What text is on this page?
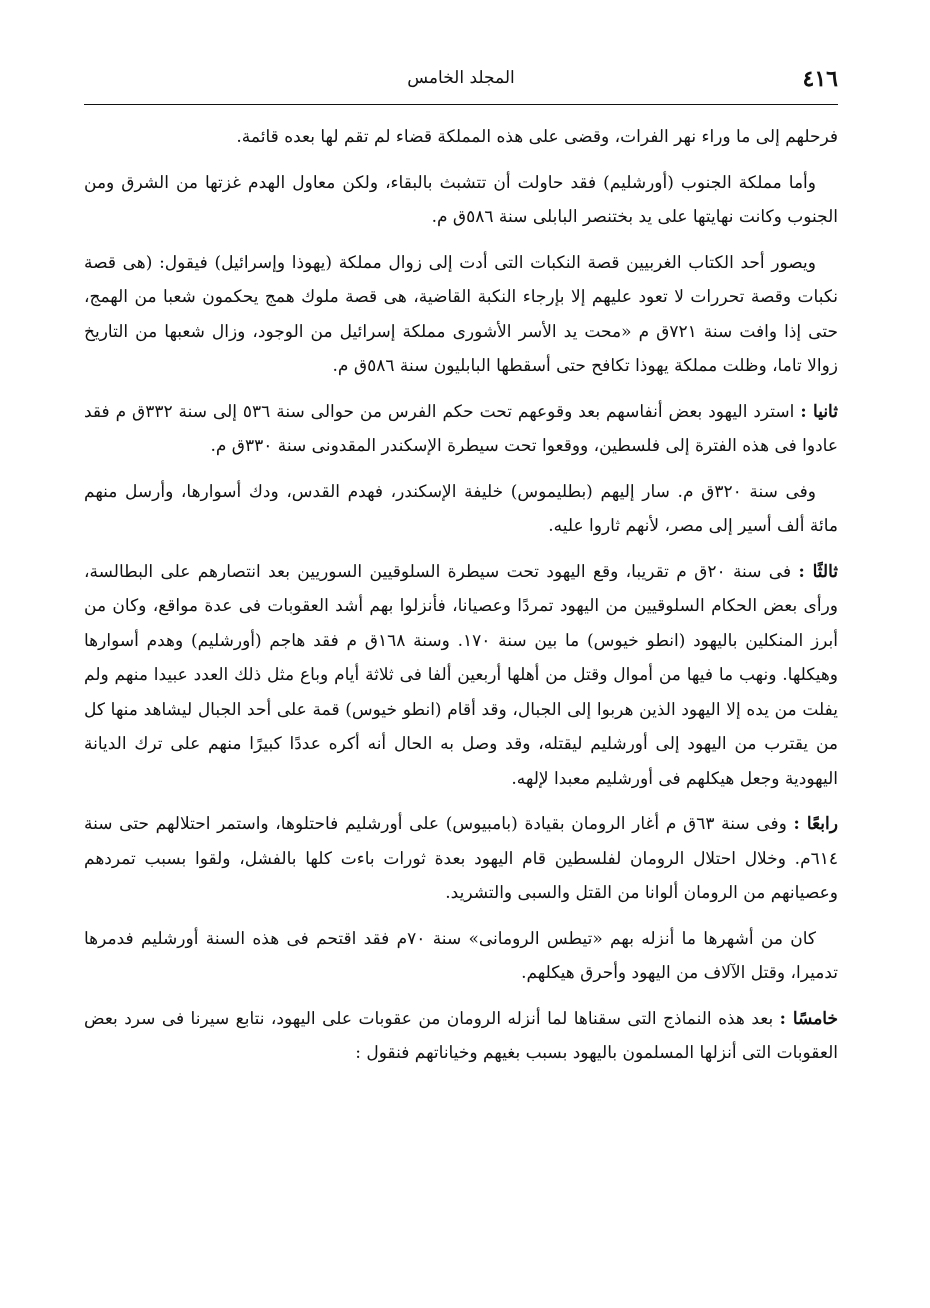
٤١٦
المجلد الخامس

فرحلهم إلى ما وراء نهر الفرات، وقضى على هذه المملكة قضاء لم تقم لها بعده قائمة.

وأما مملكة الجنوب (أورشليم) فقد حاولت أن تتشبث بالبقاء، ولكن معاول الهدم غزتها من الشرق ومن الجنوب وكانت نهايتها على يد بختنصر البابلى سنة ٥٨٦ق م.

ويصور أحد الكتاب الغربيين قصة النكبات التى أدت إلى زوال مملكة (يهوذا وإسرائيل) فيقول: (هى قصة نكبات وقصة تحررات لا تعود عليهم إلا بإرجاء النكبة القاضية، هى قصة ملوك همج يحكمون شعبا من الهمج، حتى إذا وافت سنة ٧٢١ق م «محت يد الأسر الأشورى مملكة إسرائيل من الوجود، وزال شعبها من التاريخ زوالا تاما، وظلت مملكة يهوذا تكافح حتى أسقطها البابليون سنة ٥٨٦ق م.

ثانيا : استرد اليهود بعض أنفاسهم بعد وقوعهم تحت حكم الفرس من حوالى سنة ٥٣٦ إلى سنة ٣٣٢ق م فقد عادوا فى هذه الفترة إلى فلسطين، ووقعوا تحت سيطرة الإسكندر المقدونى سنة ٣٣٠ق م.

وفى سنة ٣٢٠ق م. سار إليهم (بطليموس) خليفة الإسكندر، فهدم القدس، ودك أسوارها، وأرسل منهم مائة ألف أسير إلى مصر، لأنهم ثاروا عليه.

ثالثًا : فى سنة ٢٠ق م تقريبا، وقع اليهود تحت سيطرة السلوقيين السوريين بعد انتصارهم على البطالسة، ورأى بعض الحكام السلوقيين من اليهود تمردًا وعصيانا، فأنزلوا بهم أشد العقوبات فى عدة مواقع، وكان من أبرز المنكلين باليهود (انطو خيوس) ما بين سنة ١٧٠. وسنة ١٦٨ق م فقد هاجم (أورشليم) وهدم أسوارها وهيكلها. ونهب ما فيها من أموال وقتل من أهلها أربعين ألفا فى ثلاثة أيام وباع مثل ذلك العدد عبيدا منهم ولم يفلت من يده إلا اليهود الذين هربوا إلى الجبال، وقد أقام (انطو خيوس) قمة على أحد الجبال ليشاهد منها كل من يقترب من اليهود إلى أورشليم ليقتله، وقد وصل به الحال أنه أكره عددًا كبيرًا منهم على ترك الديانة اليهودية وجعل هيكلهم فى أورشليم معبدا لإلهه.

رابعًا : وفى سنة ٦٣ق م أغار الرومان بقيادة (بامبيوس) على أورشليم فاحتلوها، واستمر احتلالهم حتى سنة ٦١٤م. وخلال احتلال الرومان لفلسطين قام اليهود بعدة ثورات باءت كلها بالفشل، ولقوا بسبب تمردهم وعصيانهم من الرومان ألوانا من القتل والسبى والتشريد.

كان من أشهرها ما أنزله بهم «تيطس الرومانى» سنة ٧٠م فقد اقتحم فى هذه السنة أورشليم فدمرها تدميرا، وقتل الآلاف من اليهود وأحرق هيكلهم.

خامسًا : بعد هذه النماذج التى سقناها لما أنزله الرومان من عقوبات على اليهود، نتابع سيرنا فى سرد بعض العقوبات التى أنزلها المسلمون باليهود بسبب بغيهم وخياناتهم فنقول :
